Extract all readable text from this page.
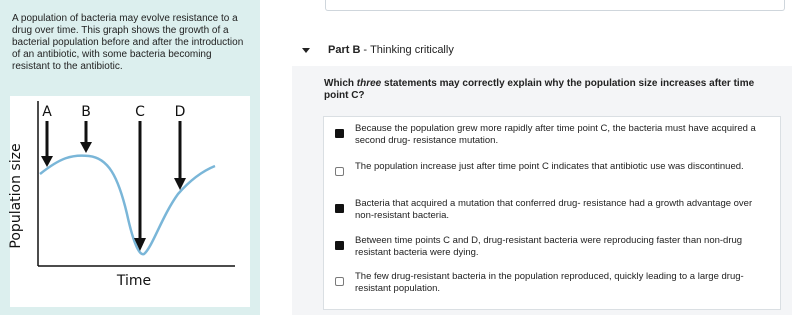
A population of bacteria may evolve resistance to a drug over time. This graph shows the growth of a bacterial population before and after the introduction of an antibiotic, with some bacteria becoming resistant to the antibiotic.

Population size
Time
A B	C D
Part B - Thinking critically

Which three statements may correctly explain why the population size increases after time point C?

Because the population grew more rapidly after time point C, the bacteria must have acquired a second drug- resistance mutation.
The population increase just after time point C indicates that antibiotic use was discontinued.
Bacteria that acquired a mutation that conferred drug- resistance had a growth advantage over non-resistant bacteria.
Between time points C and D, drug-resistant bacteria were reproducing faster than non-drug resistant bacteria were dying.
The few drug-resistant bacteria in the population reproduced, quickly leading to a large drug- resistant population.
